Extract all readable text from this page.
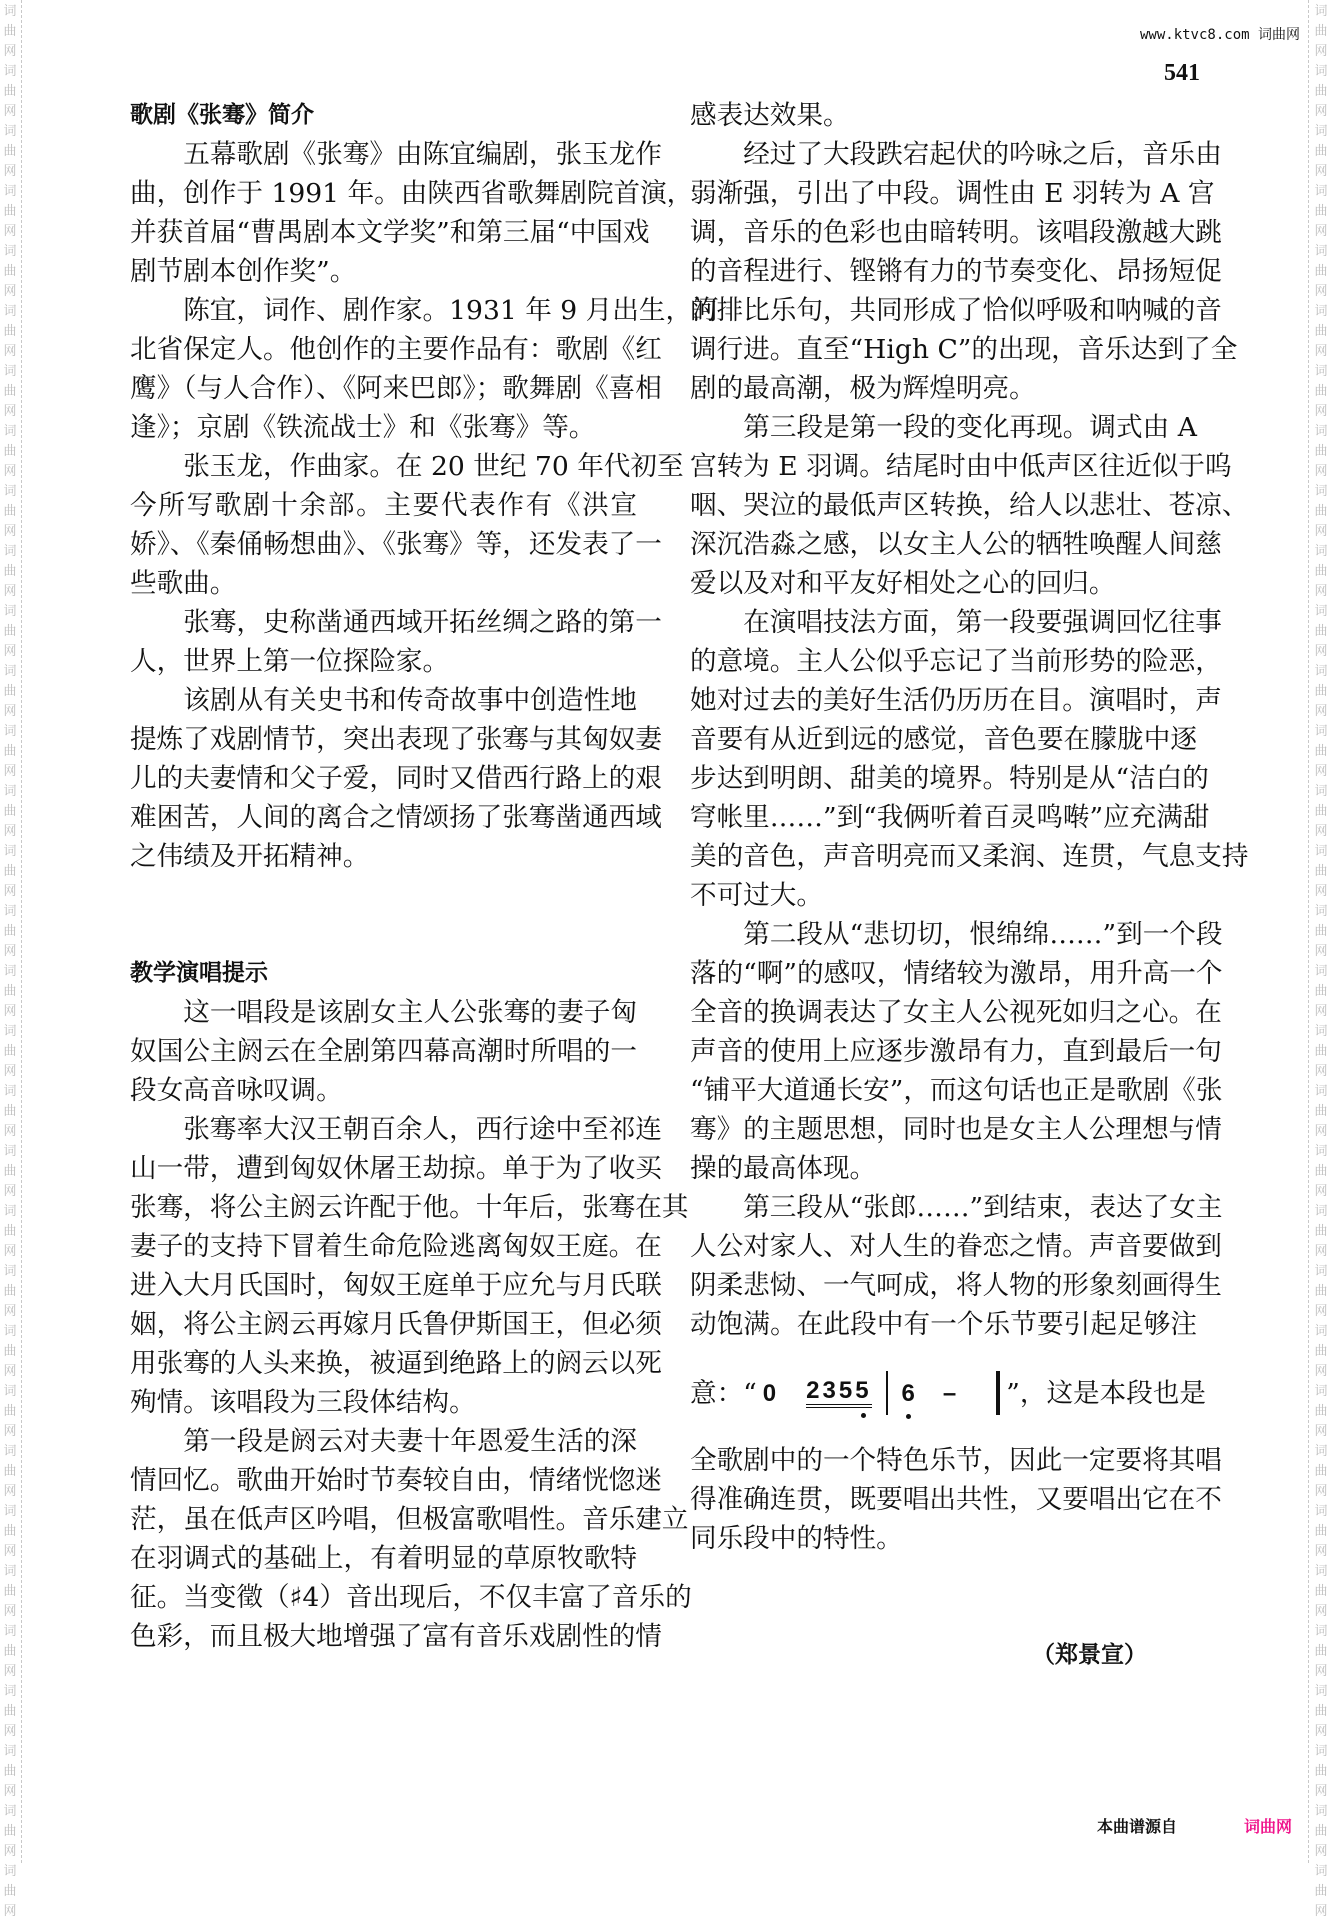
词
曲
网
词
曲
网
词
曲
网
词
曲
网
词
曲
网
词
曲
网
词
曲
网
词
曲
网
词
曲
网
词
曲
网
词
曲
网
词
曲
网
词
曲
网
词
曲
网
词
曲
网
词
曲
网
词
曲
网
词
曲
网
词
曲
网
词
曲
网
词
曲
网
词
曲
网
词
曲
网
词
曲
网
词
曲
网
词
曲
网
词
曲
网
词
曲
网
词
曲
网
词
曲
网
词
曲
网
词
曲
网
词
曲
网
词
曲
网
词
曲
网
词
曲
网
词
曲
网
词
曲
网
词
曲
网
词
曲
网
词
曲
网
词
曲
网
词
曲
网
词
曲
网
词
曲
网
词
曲
网
词
曲
网
词
曲
网
词
曲
网
词
曲
网
词
曲
网
词
曲
网
词
曲
网
词
曲
网
词
曲
网
词
曲
网
词
曲
网
词
曲
网
词
曲
网
词
曲
网
词
曲
网
词
曲
网
词
曲
网
词
曲
网
www.ktvc8.com 词曲网
541
歌剧《张骞》简介
五幕歌剧《张骞》由陈宜编剧，张玉龙作
曲，创作于 1991 年。由陕西省歌舞剧院首演，
并获首届“曹禺剧本文学奖”和第三届“中国戏
剧节剧本创作奖”。
陈宜，词作、剧作家。1931 年 9 月出生，河
北省保定人。他创作的主要作品有：歌剧《红
鹰》（与人合作）、《阿来巴郎》；歌舞剧《喜相
逢》；京剧《铁流战士》和《张骞》等。
张玉龙，作曲家。在 20 世纪 70 年代初至
今所写歌剧十余部。主要代表作有《洪宣
娇》、《秦俑畅想曲》、《张骞》等，还发表了一
些歌曲。
张骞，史称凿通西域开拓丝绸之路的第一
人，世界上第一位探险家。
该剧从有关史书和传奇故事中创造性地
提炼了戏剧情节，突出表现了张骞与其匈奴妻
儿的夫妻情和父子爱，同时又借西行路上的艰
难困苦，人间的离合之情颂扬了张骞凿通西域
之伟绩及开拓精神。
教学演唱提示
这一唱段是该剧女主人公张骞的妻子匈
奴国公主阏云在全剧第四幕高潮时所唱的一
段女高音咏叹调。
张骞率大汉王朝百余人，西行途中至祁连
山一带，遭到匈奴休屠王劫掠。单于为了收买
张骞，将公主阏云许配于他。十年后，张骞在其
妻子的支持下冒着生命危险逃离匈奴王庭。在
进入大月氏国时，匈奴王庭单于应允与月氏联
姻，将公主阏云再嫁月氏鲁伊斯国王，但必须
用张骞的人头来换，被逼到绝路上的阏云以死
殉情。该唱段为三段体结构。
第一段是阏云对夫妻十年恩爱生活的深
情回忆。歌曲开始时节奏较自由，情绪恍惚迷
茫，虽在低声区吟唱，但极富歌唱性。音乐建立
在羽调式的基础上，有着明显的草原牧歌特
征。当变徵（♯4）音出现后，不仅丰富了音乐的
色彩，而且极大地增强了富有音乐戏剧性的情
感表达效果。
经过了大段跌宕起伏的吟咏之后，音乐由
弱渐强，引出了中段。调性由 E 羽转为 A 宫
调，音乐的色彩也由暗转明。该唱段激越大跳
的音程进行、铿锵有力的节奏变化、昂扬短促
的排比乐句，共同形成了恰似呼吸和呐喊的音
调行进。直至“High C”的出现，音乐达到了全
剧的最高潮，极为辉煌明亮。
第三段是第一段的变化再现。调式由 A
宫转为 E 羽调。结尾时由中低声区往近似于呜
咽、哭泣的最低声区转换，给人以悲壮、苍凉、
深沉浩淼之感，以女主人公的牺牲唤醒人间慈
爱以及对和平友好相处之心的回归。
在演唱技法方面，第一段要强调回忆往事
的意境。主人公似乎忘记了当前形势的险恶，
她对过去的美好生活仍历历在目。演唱时，声
音要有从近到远的感觉，音色要在朦胧中逐
步达到明朗、甜美的境界。特别是从“洁白的
穹帐里……”到“我俩听着百灵鸣啭”应充满甜
美的音色，声音明亮而又柔润、连贯，气息支持
不可过大。
第二段从“悲切切，恨绵绵……”到一个段
落的“啊”的感叹，情绪较为激昂，用升高一个
全音的换调表达了女主人公视死如归之心。在
声音的使用上应逐步激昂有力，直到最后一句
“铺平大道通长安”，而这句话也正是歌剧《张
骞》的主题思想，同时也是女主人公理想与情
操的最高体现。
第三段从“张郎……”到结束，表达了女主
人公对家人、对人生的眷恋之情。声音要做到
阴柔悲恸、一气呵成，将人物的形象刻画得生
动饱满。在此段中有一个乐节要引起足够注
意：“ 0 2355 6 – ”，这是本段也是
全歌剧中的一个特色乐节，因此一定要将其唱
得准确连贯，既要唱出共性，又要唱出它在不
同乐段中的特性。
（郑景宣）
本曲谱源自	词曲网
